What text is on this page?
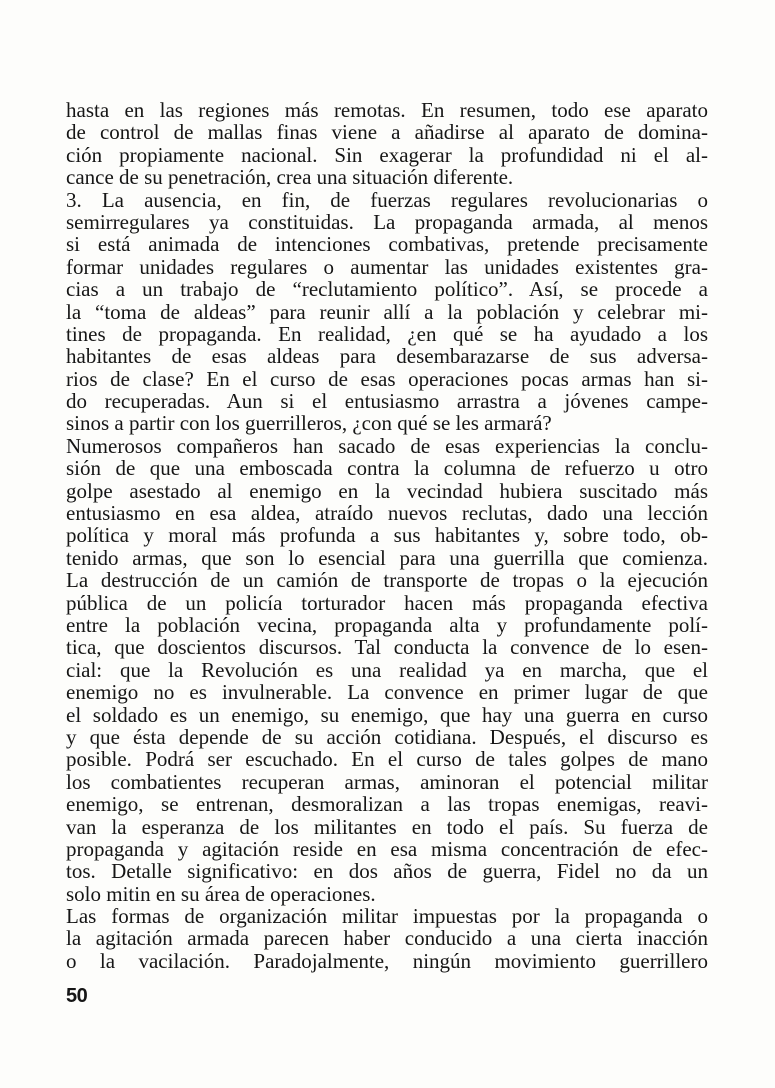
hasta en las regiones más remotas. En resumen, todo ese aparato
de control de mallas finas viene a añadirse al aparato de domina-
ción propiamente nacional. Sin exagerar la profundidad ni el al-
cance de su penetración, crea una situación diferente.
3. La ausencia, en fin, de fuerzas regulares revolucionarias o
semirregulares ya constituidas. La propaganda armada, al menos
si está animada de intenciones combativas, pretende precisamente
formar unidades regulares o aumentar las unidades existentes gra-
cias a un trabajo de “reclutamiento político”. Así, se procede a
la “toma de aldeas” para reunir allí a la población y celebrar mi-
tines de propaganda. En realidad, ¿en qué se ha ayudado a los
habitantes de esas aldeas para desembarazarse de sus adversa-
rios de clase? En el curso de esas operaciones pocas armas han si-
do recuperadas. Aun si el entusiasmo arrastra a jóvenes campe-
sinos a partir con los guerrilleros, ¿con qué se les armará?
Numerosos compañeros han sacado de esas experiencias la conclu-
sión de que una emboscada contra la columna de refuerzo u otro
golpe asestado al enemigo en la vecindad hubiera suscitado más
entusiasmo en esa aldea, atraído nuevos reclutas, dado una lección
política y moral más profunda a sus habitantes y, sobre todo, ob-
tenido armas, que son lo esencial para una guerrilla que comienza.
La destrucción de un camión de transporte de tropas o la ejecución
pública de un policía torturador hacen más propaganda efectiva
entre la población vecina, propaganda alta y profundamente polí-
tica, que doscientos discursos. Tal conducta la convence de lo esen-
cial: que la Revolución es una realidad ya en marcha, que el
enemigo no es invulnerable. La convence en primer lugar de que
el soldado es un enemigo, su enemigo, que hay una guerra en curso
y que ésta depende de su acción cotidiana. Después, el discurso es
posible. Podrá ser escuchado. En el curso de tales golpes de mano
los combatientes recuperan armas, aminoran el potencial militar
enemigo, se entrenan, desmoralizan a las tropas enemigas, reavi-
van la esperanza de los militantes en todo el país. Su fuerza de
propaganda y agitación reside en esa misma concentración de efec-
tos. Detalle significativo: en dos años de guerra, Fidel no da un
solo mitin en su área de operaciones.
Las formas de organización militar impuestas por la propaganda o
la agitación armada parecen haber conducido a una cierta inacción
o la vacilación. Paradojalmente, ningún movimiento guerrillero
50
